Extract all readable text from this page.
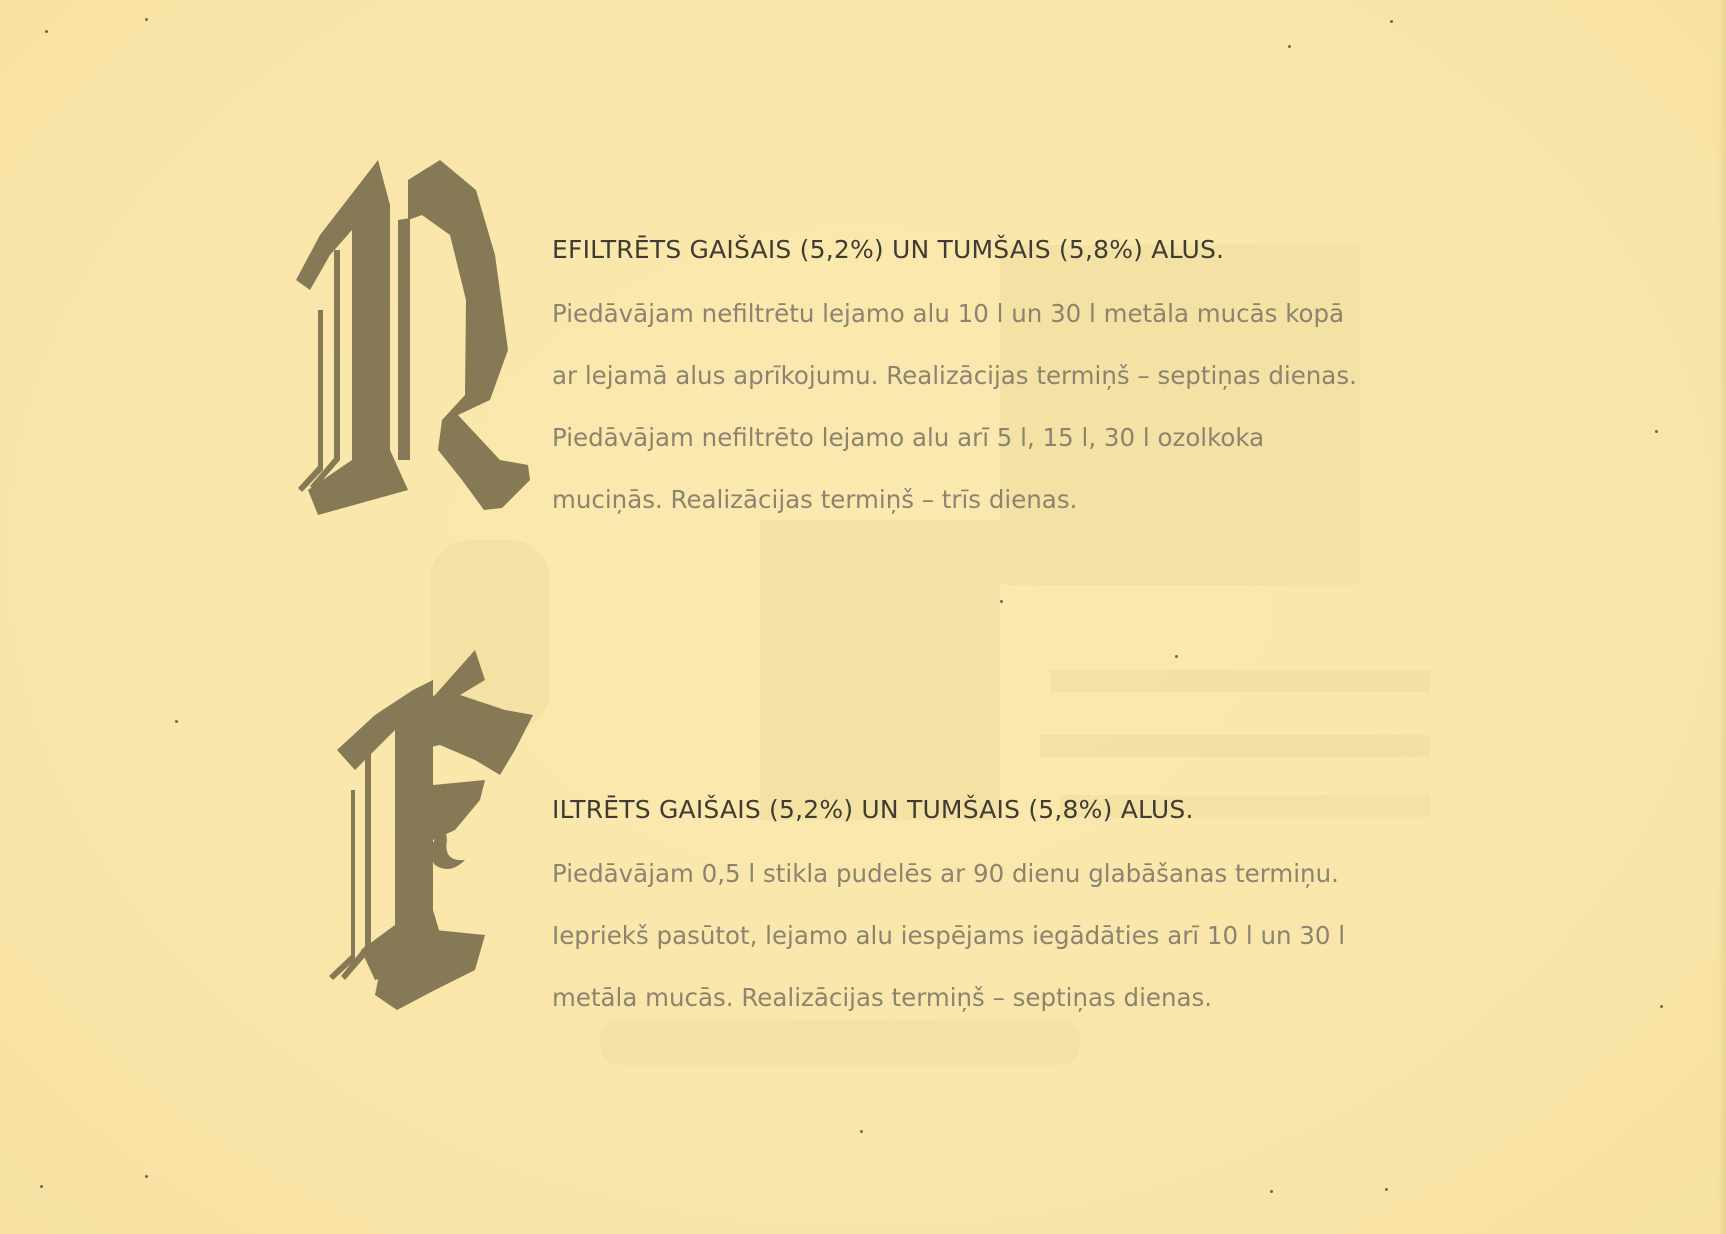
EFILTRĒTS GAIŠAIS (5,2%) UN TUMŠAIS (5,8%) ALUS.
Piedāvājam nefiltrētu lejamo alu 10 l un 30 l metāla mucās kopā
ar lejamā alus aprīkojumu. Realizācijas termiņš – septiņas dienas.
Piedāvājam nefiltrēto lejamo alu arī 5 l, 15 l, 30 l ozolkoka
muciņās. Realizācijas termiņš – trīs dienas.
ILTRĒTS GAIŠAIS (5,2%) UN TUMŠAIS (5,8%) ALUS.
Piedāvājam 0,5 l stikla pudelēs ar 90 dienu glabāšanas termiņu.
Iepriekš pasūtot, lejamo alu iespējams iegādāties arī 10 l un 30 l
metāla mucās. Realizācijas termiņš – septiņas dienas.
